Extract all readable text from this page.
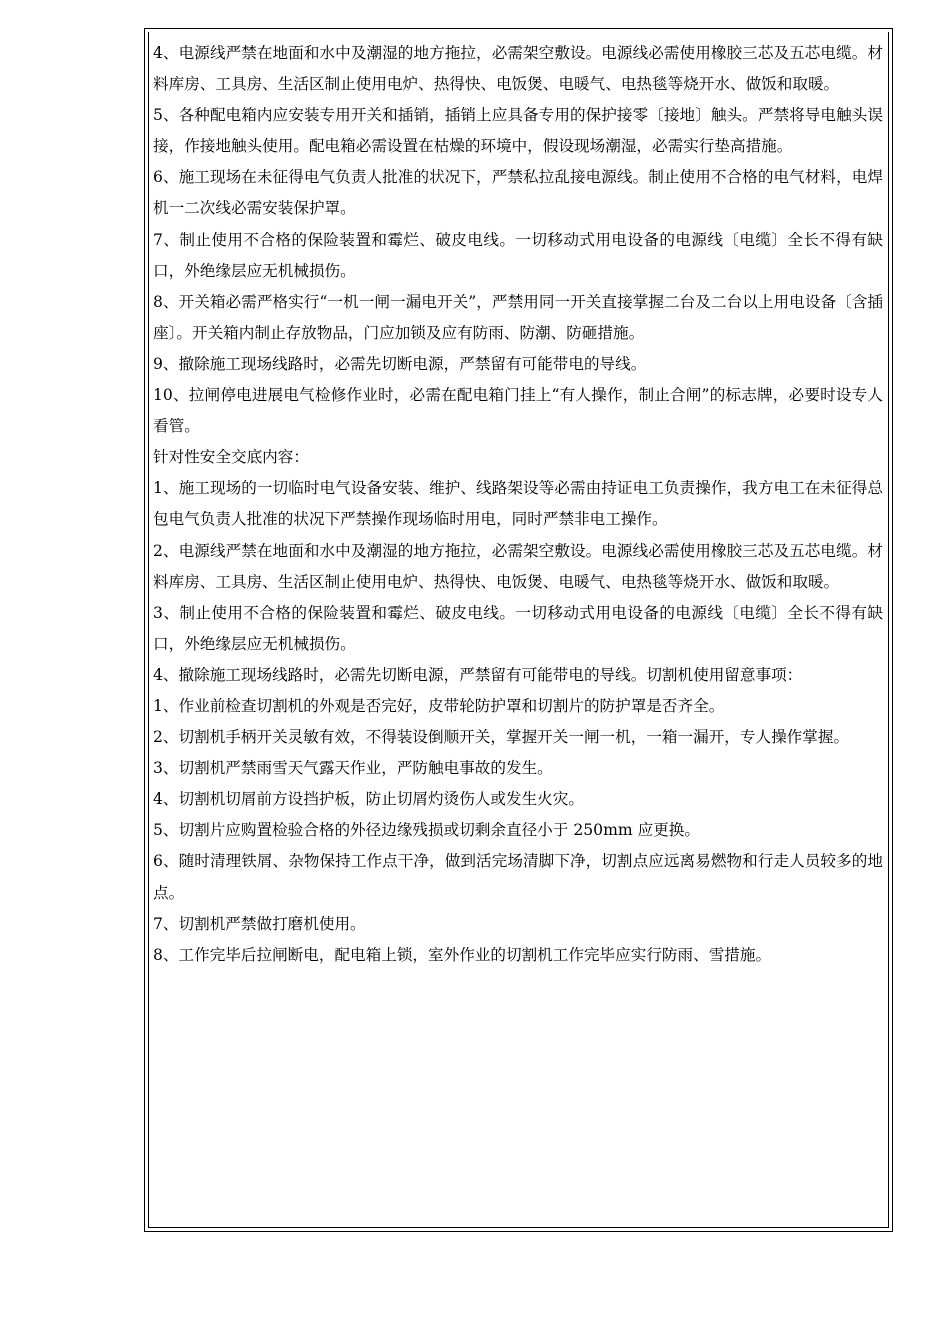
4、电源线严禁在地面和水中及潮湿的地方拖拉，必需架空敷设。电源线必需使用橡胶三芯及五芯电缆。材料库房、工具房、生活区制止使用电炉、热得快、电饭煲、电暖气、电热毯等烧开水、做饭和取暖。

5、各种配电箱内应安装专用开关和插销，插销上应具备专用的保护接零〔接地〕触头。严禁将导电触头误接，作接地触头使用。配电箱必需设置在枯燥的环境中，假设现场潮湿，必需实行垫高措施。

6、施工现场在未征得电气负责人批准的状况下，严禁私拉乱接电源线。制止使用不合格的电气材料，电焊机一二次线必需安装保护罩。

7、制止使用不合格的保险装置和霉烂、破皮电线。一切移动式用电设备的电源线〔电缆〕全长不得有缺口，外绝缘层应无机械损伤。

8、开关箱必需严格实行“一机一闸一漏电开关”，严禁用同一开关直接掌握二台及二台以上用电设备〔含插座〕。开关箱内制止存放物品，门应加锁及应有防雨、防潮、防砸措施。

9、撤除施工现场线路时，必需先切断电源，严禁留有可能带电的导线。

10、拉闸停电进展电气检修作业时，必需在配电箱门挂上“有人操作，制止合闸”的标志牌，必要时设专人看管。

针对性安全交底内容：

1、施工现场的一切临时电气设备安装、维护、线路架设等必需由持证电工负责操作，我方电工在未征得总包电气负责人批准的状况下严禁操作现场临时用电，同时严禁非电工操作。

2、电源线严禁在地面和水中及潮湿的地方拖拉，必需架空敷设。电源线必需使用橡胶三芯及五芯电缆。材料库房、工具房、生活区制止使用电炉、热得快、电饭煲、电暖气、电热毯等烧开水、做饭和取暖。

3、制止使用不合格的保险装置和霉烂、破皮电线。一切移动式用电设备的电源线〔电缆〕全长不得有缺口，外绝缘层应无机械损伤。

4、撤除施工现场线路时，必需先切断电源，严禁留有可能带电的导线。切割机使用留意事项：

1、作业前检查切割机的外观是否完好，皮带轮防护罩和切割片的防护罩是否齐全。

2、切割机手柄开关灵敏有效，不得装设倒顺开关，掌握开关一闸一机，一箱一漏开，专人操作掌握。

3、切割机严禁雨雪天气露天作业，严防触电事故的发生。

4、切割机切屑前方设挡护板，防止切屑灼烫伤人或发生火灾。

5、切割片应购置检验合格的外径边缘残损或切剩余直径小于 250mm 应更换。

6、随时清理铁屑、杂物保持工作点干净，做到活完场清脚下净，切割点应远离易燃物和行走人员较多的地点。

7、切割机严禁做打磨机使用。

8、工作完毕后拉闸断电，配电箱上锁，室外作业的切割机工作完毕应实行防雨、雪措施。
